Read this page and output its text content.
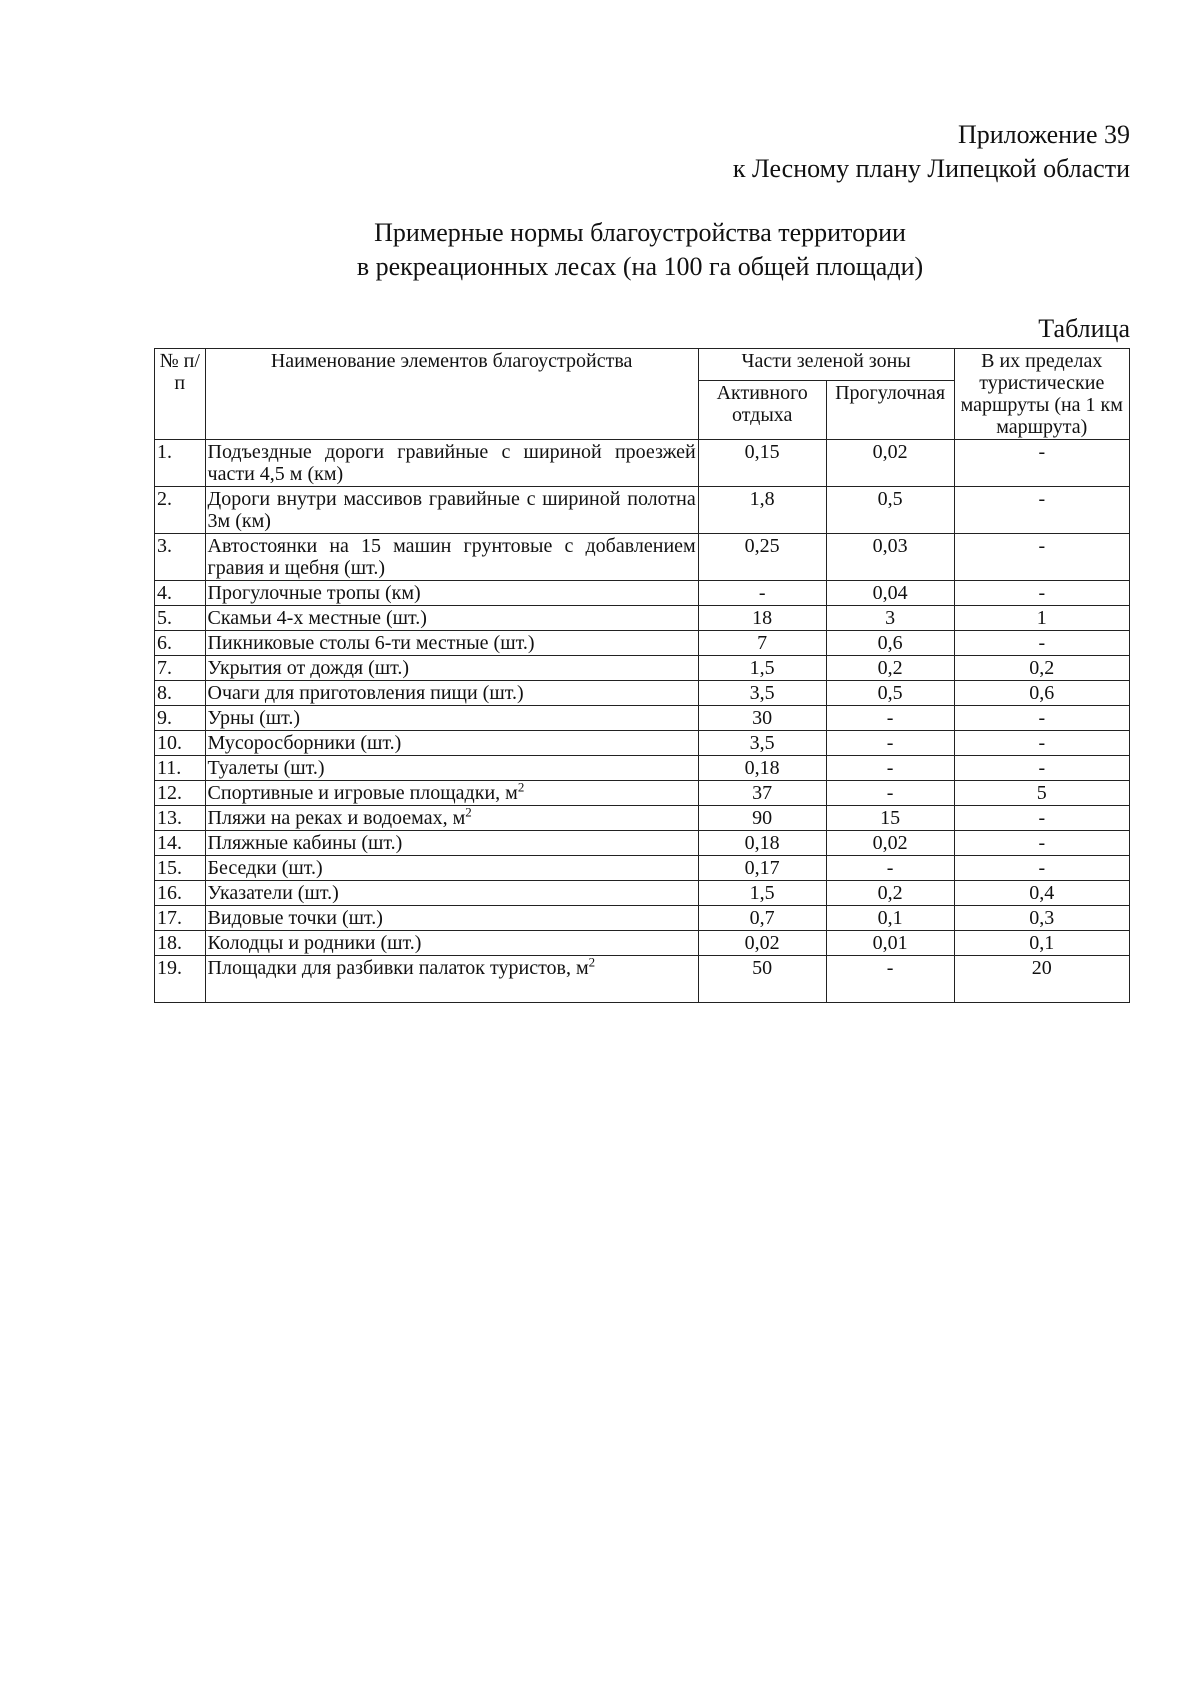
Приложение 39
к Лесному плану Липецкой области
Примерные нормы благоустройства территории
в рекреационных лесах (на 100 га общей площади)
Таблица
№ п/п	Наименование элементов благоустройства	Части зеленой зоны		В их пределах туристические маршруты (на 1 км маршрута)
		Активного отдыха	Прогулочная	
1.	Подъездные дороги гравийные с шириной проезжей части 4,5 м (км)	0,15	0,02	-
2.	Дороги внутри массивов гравийные с шириной полотна 3м (км)	1,8	0,5	-
3.	Автостоянки на 15 машин грунтовые с добавлением гравия и щебня (шт.)	0,25	0,03	-
4.	Прогулочные тропы (км)	-	0,04	-
5.	Скамьи 4-х местные (шт.)	18	3	1
6.	Пикниковые столы 6-ти местные (шт.)	7	0,6	-
7.	Укрытия от дождя (шт.)	1,5	0,2	0,2
8.	Очаги для приготовления пищи (шт.)	3,5	0,5	0,6
9.	Урны (шт.)	30	-	-
10.	Мусоросборники (шт.)	3,5	-	-
11.	Туалеты (шт.)	0,18	-	-
12.	Спортивные и игровые площадки, $м^2$	37	-	5
13.	Пляжи на реках и водоемах, $м^2$	90	15	-
14.	Пляжные кабины (шт.)	0,18	0,02	-
15.	Беседки (шт.)	0,17	-	-
16.	Указатели (шт.)	1,5	0,2	0,4
17.	Видовые точки (шт.)	0,7	0,1	0,3
18.	Колодцы и родники (шт.)	0,02	0,01	0,1
19.	Площадки для разбивки палаток туристов, $м^2$	50	-	20
